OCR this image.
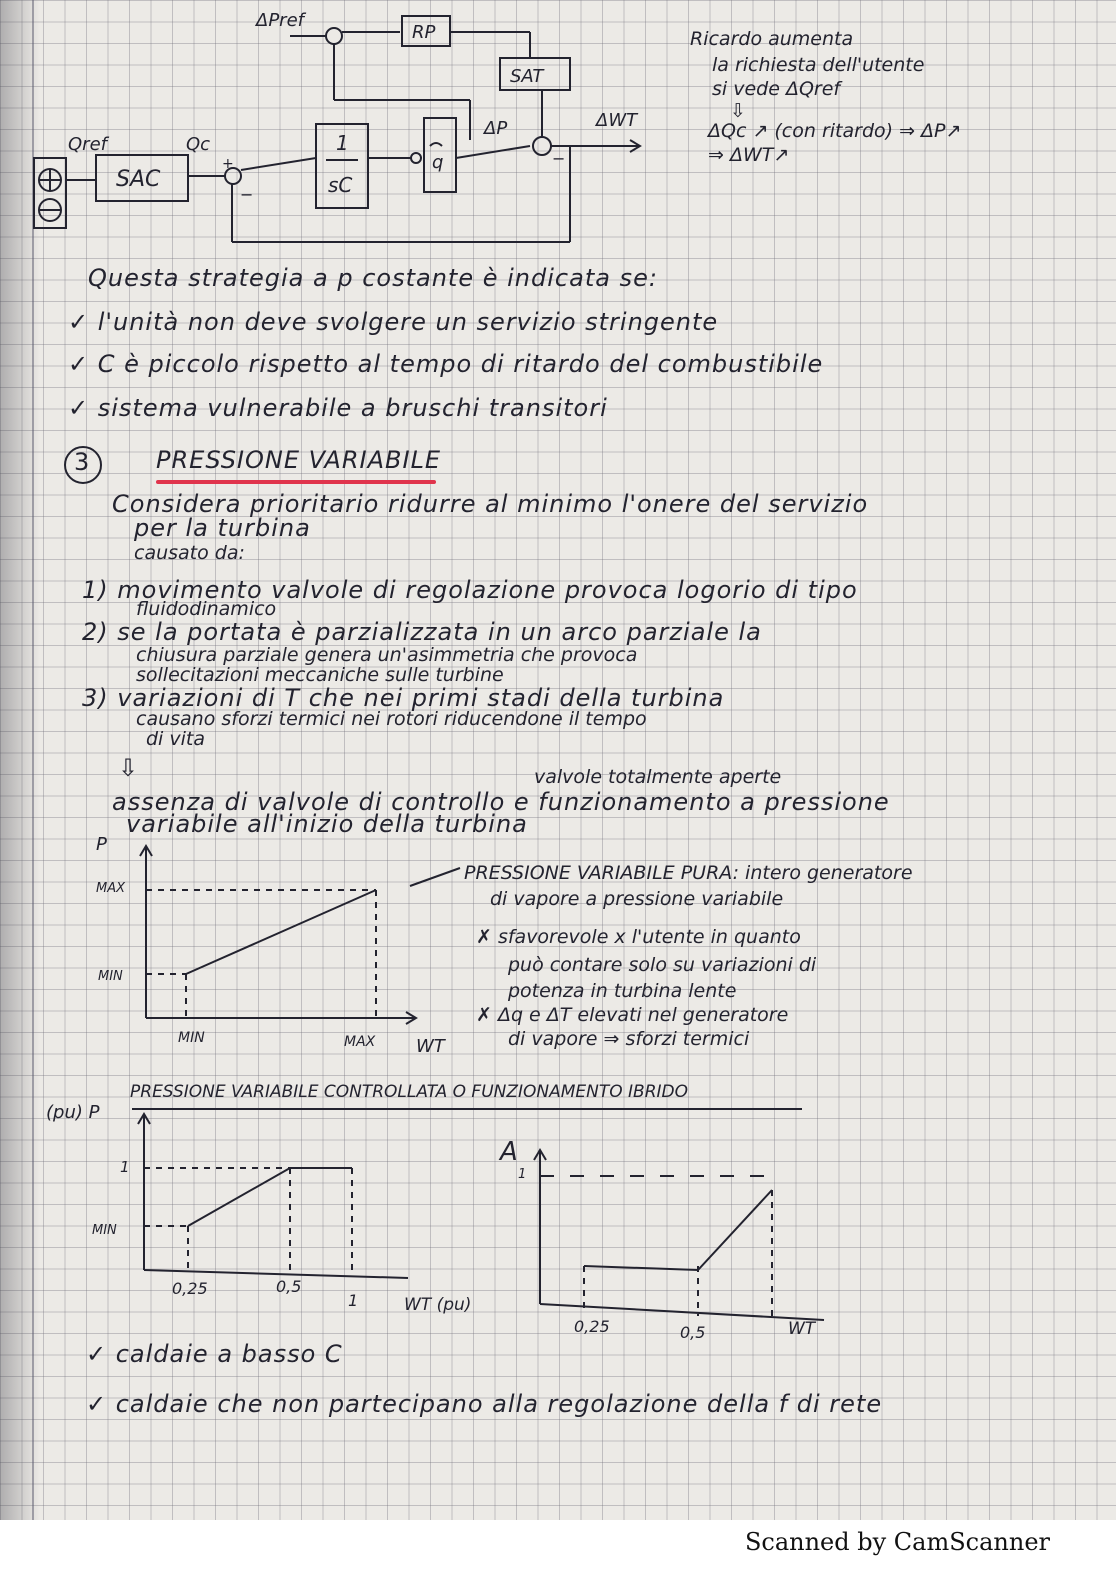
ΔPref
RP
SAT
Qref
SAC
Qc
+
−
1
sC
q
ΔP
−
ΔWT
Ricardo aumenta
la richiesta dell'utente
si vede ΔQref
⇩
ΔQc ↗ (con ritardo) ⇒ ΔP↗
⇒ ΔWT↗
Questa strategia a p costante è indicata se:
✓ l'unità non deve svolgere un servizio stringente
✓ C è piccolo rispetto al tempo di ritardo del combustibile
✓ sistema vulnerabile a bruschi transitori
3	PRESSIONE VARIABILE
Considera prioritario ridurre al minimo l'onere del servizio
per la turbina
causato da:
1) movimento valvole di regolazione provoca logorio di tipo
fluidodinamico
2) se la portata è parzializzata in un arco parziale la
chiusura parziale genera un'asimmetria che provoca
sollecitazioni meccaniche sulle turbine
3) variazioni di T che nei primi stadi della turbina
causano sforzi termici nei rotori riducendone il tempo
di vita
⇩	valvole totalmente aperte
assenza di valvole di controllo e funzionamento a pressione
variabile all'inizio della turbina
P
MAX
MIN
MIN	MAX WT
(pu) P
1
MIN
0,25	0,5
1	WT (pu)
A
1
0,25	0,5	WT
PRESSIONE VARIABILE PURA: intero generatore
di vapore a pressione variabile
✗ sfavorevole x l'utente in quanto
può contare solo su variazioni di
potenza in turbina lente
✗ Δq e ΔT elevati nel generatore
di vapore ⇒ sforzi termici
PRESSIONE VARIABILE CONTROLLATA O FUNZIONAMENTO IBRIDO
✓ caldaie a basso C
✓ caldaie che non partecipano alla regolazione della f di rete
Scanned by CamScanner
